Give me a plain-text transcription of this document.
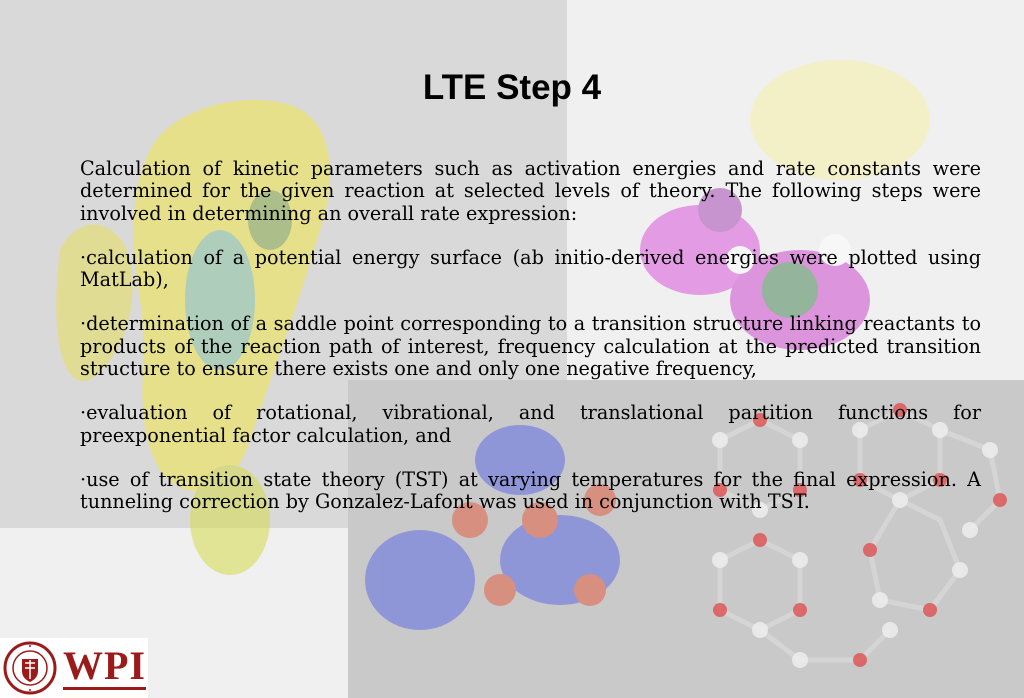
LTE Step 4

Calculation of kinetic parameters such as activation energies and rate constants were determined for the given reaction at selected levels of theory. The following steps were involved in determining an overall rate expression:

·calculation of a potential energy surface (ab initio-derived energies were plotted using MatLab),

·determination of a saddle point corresponding to a transition structure linking reactants to products of the reaction path of interest, frequency calculation at the predicted transition structure to ensure there exists one and only one negative frequency,

·evaluation of rotational, vibrational, and translational partition functions for preexponential factor calculation, and

·use of transition state theory (TST) at varying temperatures for the final expression. A tunneling correction by Gonzalez-Lafont was used in conjunction with TST.

WPI
